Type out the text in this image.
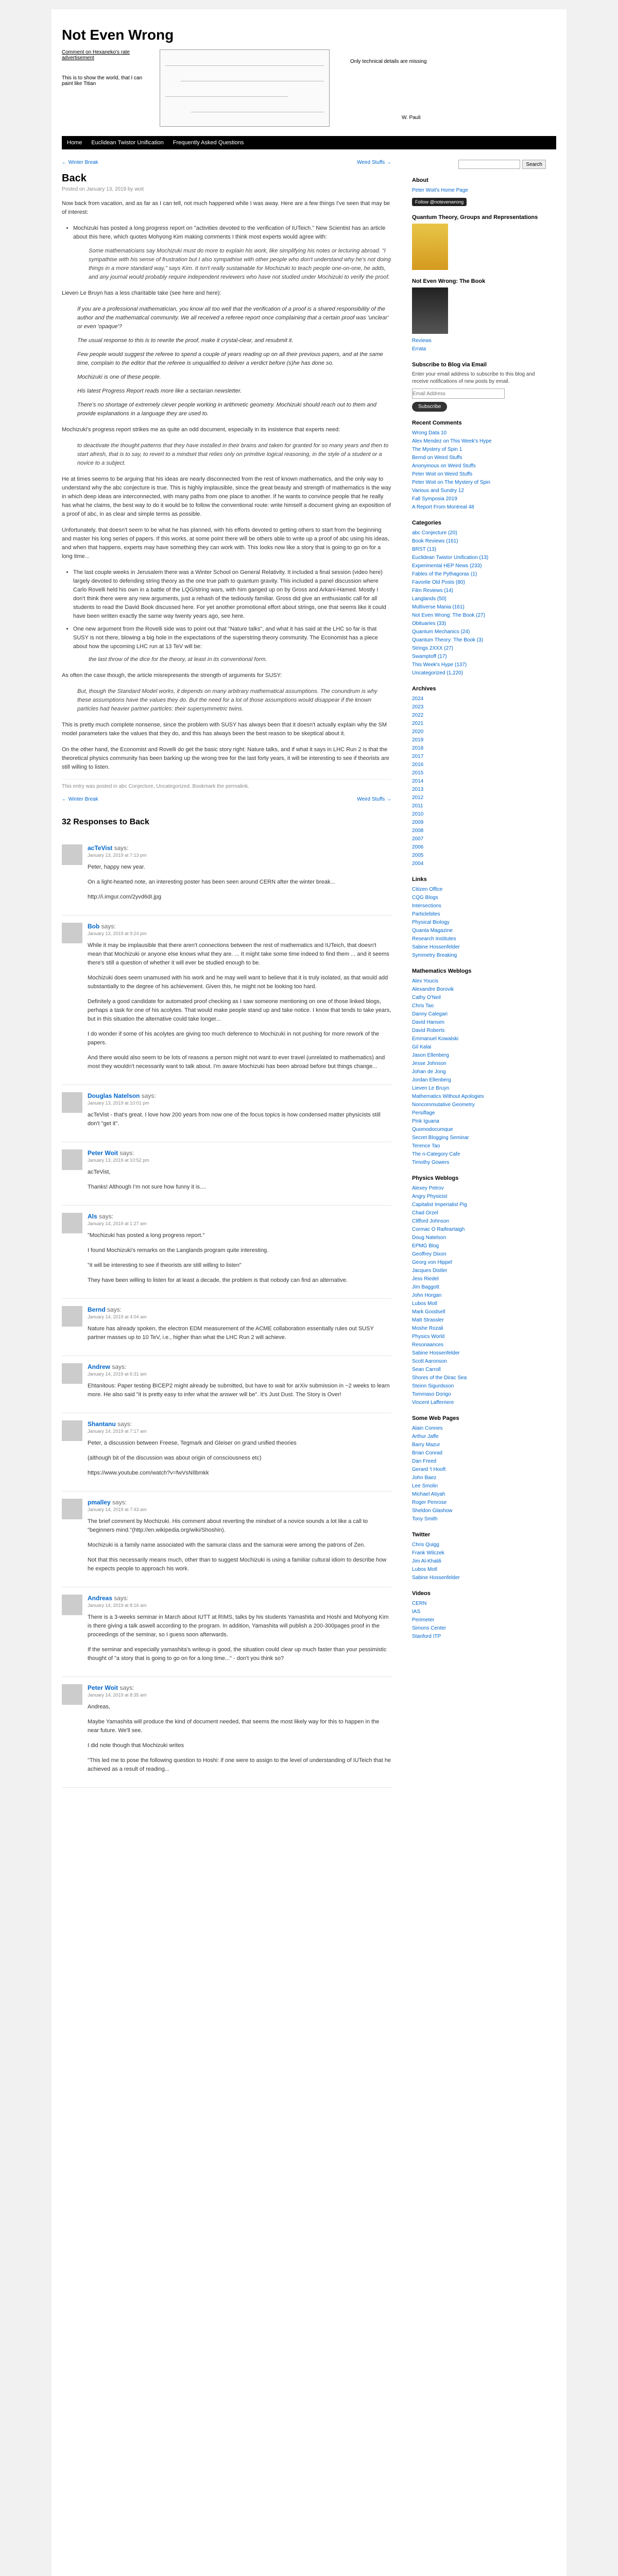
Not Even Wrong
Comment on Hexaneko's rate advertisement

This is to show the world, that I can paint like Titian

Only technical details are missing
W. Pauli
Home Euclidean Twistor Unification Frequently Asked Questions
← Winter Break	Weird Stuffs →
Back
Posted on January 13, 2019 by woit

Now back from vacation, and as far as I can tell, not much happened while I was away. Here are a few things I've seen that may be of interest:

• Mochizuki has posted a long progress report on "activities devoted to the verification of IUTeich." New Scientist has an article about this here, which quotes Mohyong Kim making comments I think most experts would agree with:
Some mathematicians say Mochizuki must do more to explain his work, like simplifying his notes or lecturing abroad. "I sympathise with his sense of frustration but I also sympathise with other people who don't understand why he's not doing things in a more standard way," says Kim. It isn't really sustainable for Mochizuki to teach people one-on-one, he adds, and any journal would probably require independent reviewers who have not studied under Mochizuki to verify the proof.

Lieven Le Bruyn has a less charitable take (see here and here):

If you are a professional mathematician, you know all too well that the verification of a proof is a shared responsibility of the author and the mathematical community. We all received a referee report once complaining that a certain proof was 'unclear' or even 'opaque'?

The usual response to this is to rewrite the proof, make it crystal-clear, and resubmit it.

Few people would suggest the referee to spend a couple of years reading up on all their previous papers, and at the same time, complain to the editor that the referee is unqualified to deliver a verdict before (s)he has done so.

Mochizuki is one of these people.

His latest Progress Report reads more like a sectarian newsletter.

There's no shortage of extremely clever people working in arithmetic geometry. Mochizuki should reach out to them and provide explanations in a language they are used to.

Mochizuki's progress report strikes me as quite an odd document, especially in its insistence that experts need:

to deactivate the thought patterns that they have installed in their brains and taken for granted for so many years and then to start afresh, that is to say, to revert to a mindset that relies only on primitive logical reasoning, in the style of a student or a novice to a subject.

He at times seems to be arguing that his ideas are nearly disconnected from the rest of known mathematics, and the only way to understand why the abc conjecture is true. This is highly implausible, since the great beauty and strength of mathematics is the way in which deep ideas are interconnected, with many paths from one place to another. If he wants to convince people that he really has what he claims, the best way to do it would be to follow the conventional route: write himself a document giving an exposition of a proof of abc, in as clear and simple terms as possible.

Unfortunately, that doesn't seem to be what he has planned, with his efforts devoted to getting others to start from the beginning and master his long series of papers. If this works, at some point there will be others able to write up a proof of abc using his ideas, and when that happens, experts may have something they can work with. This looks now like a story that is going to go on for a long time...

• The last couple weeks in Jerusalem there was a Winter School on General Relativity. It included a final session (video here) largely devoted to defending string theory as the one true path to quantum gravity. This included a panel discussion where Carlo Rovelli held his own in a battle of the LQG/string wars, with him ganged up on by Gross and Arkani-Hamed. Mostly I don't think there were any new arguments, just a rehash of the tediously familiar. Gross did give an enthusiastic call for all students to read the David Book discussed here. For yet another promotional effort about strings, one that seems like it could have been written exactly the same way twenty years ago, see here.
• One new argument from the Rovelli side was to point out that "Nature talks", and what it has said at the LHC so far is that SUSY is not there, blowing a big hole in the expectations of the superstring theory community. The Economist has a piece about how the upcoming LHC run at 13 TeV will be:
the last throw of the dice for the theory, at least in its conventional form.

As often the case though, the article misrepresents the strength of arguments for SUSY:

But, though the Standard Model works, it depends on many arbitrary mathematical assumptions. The conundrum is why these assumptions have the values they do. But the need for a lot of those assumptions would disappear if the known particles had heavier partner particles: their supersymmetric twins.

This is pretty much complete nonsense, since the problem with SUSY has always been that it doesn't actually explain why the SM model parameters take the values that they do, and this has always been the best reason to be skeptical about it.

On the other hand, the Economist and Rovelli do get the basic story right: Nature talks, and if what it says in LHC Run 2 is that the theoretical physics community has been barking up the wrong tree for the last forty years, it will be interesting to see if theorists are still willing to listen.

This entry was posted in abc Conjecture, Uncategorized. Bookmark the permalink.
← Winter Break	Weird Stuffs →
32 Responses to Back
acTeVist says:
January 13, 2019 at 7:13 pm

Peter, happy new year.

On a light-hearted note, an interesting poster has been seen around CERN after the winter break...

http://i.imgur.com/2yvd6dI.jpg

Bob says:
January 13, 2019 at 9:24 pm

While it may be implausible that there aren't connections between the rest of mathematics and IUTeich, that doesn't mean that Mochizuki or anyone else knows what they are. ... It might take some time indeed to find them ... and it seems there's still a question of whether it will ever be studied enough to be.

Mochizuki does seem unamused with his work and he may well want to believe that it is truly isolated, as that would add substantially to the degree of his achievement. Given this, he might not be looking too hard.

Definitely a good candidate for automated proof checking as I saw someone mentioning on one of those linked blogs, perhaps a task for one of his acolytes. That would make people stand up and take notice. I know that tends to take years, but in this situation the alternative could take longer...

I do wonder if some of his acolytes are giving too much deference to Mochizuki in not pushing for more rework of the papers.

And there would also seem to be lots of reasons a person might not want to ever travel (unrelated to mathematics) and most they wouldn't necessarily want to talk about. I'm aware Mochizuki has been abroad before but things change...

Douglas Natelson says:
January 13, 2019 at 10:01 pm

acTeVist - that's great. I love how 200 years from now one of the focus topics is how condensed matter physicists still don't "get it".

Peter Woit says:
January 13, 2019 at 10:52 pm

acTeVist,

Thanks! Although I'm not sure how funny it is....

Als says:
January 14, 2019 at 1:27 am

"Mochizuki has posted a long progress report."

I found Mochizuki's remarks on the Langlands program quite interesting.

"it will be interesting to see if theorists are still willing to listen"

They have been willing to listen for at least a decade, the problem is that nobody can find an alternative.

Bernd says:
January 14, 2019 at 4:04 am

Nature has already spoken, the electron EDM measurement of the ACME collaboration essentially rules out SUSY partner masses up to 10 TeV, i.e., higher than what the LHC Run 2 will achieve.

Andrew says:
January 14, 2019 at 6:31 am

Ehtanitous: Paper testing BICEP2 might already be submitted, but have to wait for arXiv submission in ~2 weeks to learn more. He also said "it is pretty easy to infer what the answer will be". It's Just Dust. The Story is Over!

Shantanu says:
January 14, 2019 at 7:17 am

Peter, a discussion between Freese, Tegmark and Gleiser on grand unified theories

(although bit of the discussion was about origin of consciousness etc)

https://www.youtube.com/watch?v=fwVsNIlbmkk

pmalley says:
January 14, 2019 at 7:43 am

The brief comment by Mochizuki. His comment about reverting the mindset of a novice sounds a lot like a call to "beginners mind."(http://en.wikipedia.org/wiki/Shoshin).

Mochizuki is a family name associated with the samurai class and the samurai were among the patrons of Zen.

Not that this necessarily means much, other than to suggest Mochizuki is using a familiar cultural idiom to describe how he expects people to approach his work.

Andreas says:
January 14, 2019 at 8:16 am

There is a 3-weeks seminar in March about IUTT at RIMS, talks by his students Yamashita and Hoshi and Mohyong Kim is there giving a talk aswell according to the program. In addition, Yamashita will publish a 200-300pages proof in the proceedings of the seminar, so I guess soon afterwards.

If the seminar and especially yamashita's writeup is good, the situation could clear up much faster than your pessimistic thought of "a story that is going to go on for a long time..." - don't you think so?

Peter Woit says:
January 14, 2019 at 8:35 am

Andreas,

Maybe Yamashita will produce the kind of document needed, that seems the most likely way for this to happen in the near future. We'll see.

I did note though that Mochizuki writes

"This led me to pose the following question to Hoshi: if one were to assign to the level of understanding of IUTeich that he achieved as a result of reading...

Search
About
Peter Woit's Home Page
Follow @notevenwrong
Quantum Theory, Groups and Representations
Not Even Wrong: The Book
Reviews
Errata
Subscribe to Blog via Email

Enter your email address to subscribe to this blog and receive notifications of new posts by email.

Email Address
Subscribe
Recent Comments
Wrong Data 10
Alex Mendez on This Week's Hype
The Mystery of Spin 1
Bernd on Weird Stuffs
Anonymous on Weird Stuffs
Peter Woit on Weird Stuffs
Peter Woit on The Mystery of Spin
Various and Sundry 12
Fall Symposia 2019
A Report From Montreal 48
Categories
abc Conjecture (20)
Book Reviews (161)
BRST (13)
Euclidean Twistor Unification (13)
Experimental HEP News (233)
Fables of the Pythagoras (1)
Favorite Old Posts (80)
Film Reviews (14)
Langlands (50)
Multiverse Mania (161)
Not Even Wrong: The Book (27)
Obituaries (33)
Quantum Mechanics (24)
Quantum Theory: The Book (3)
Strings 2XXX (27)
Swamptoff (17)
This Week's Hype (137)
Uncategorized (1,220)
Archives
2024
2023
2022
2021
2020
2019
2018
2017
2016
2015
2014
2013
2012
2011
2010
2009
2008
2007
2006
2005
2004
Links
Citizen Office
CQG Blogs
Intersections
Particlebites
Physical Biology
Quanta Magazine
Research Institutes
Sabine Hossenfelder
Symmetry Breaking
Mathematics Weblogs
Alex Youcis
Alexandre Borovik
Cathy O'Neil
Chris Tao
Danny Calegari
David Hansen
David Roberts
Emmanuel Kowalski
Gil Kalai
Jason Ellenberg
Jesse Johnson
Johan de Jong
Jordan Ellenberg
Lieven Le Bruyn
Mathematics Without Apologies
Noncommutative Geometry
Persiflage
Pink Iguana
Quomodocumque
Secret Blogging Seminar
Terence Tao
The n-Category Cafe
Timothy Gowers
Physics Weblogs
Alexey Petrov
Angry Physicist
Capitalist Imperialist Pig
Chad Orzel
Clifford Johnson
Cormac O Raifeartaigh
Doug Natelson
EPMG Blog
Geoffrey Dixon
Georg von Hippel
Jacques Distler
Jess Riedel
Jim Baggott
John Horgan
Lubos Motl
Mark Goodsell
Matt Strassler
Moshe Rozali
Physics World
Resonaances
Sabine Hossenfelder
Scott Aaronson
Sean Carroll
Shores of the Dirac Sea
Steinn Sigurdsson
Tommaso Dorigo
Vincent Lafferriere
Some Web Pages
Alain Connes
Arthur Jaffe
Barry Mazur
Brian Conrad
Dan Freed
Gerard 't Hooft
John Baez
Lee Smolin
Michael Atiyah
Roger Penrose
Sheldon Glashow
Tony Smith
Twitter
Chris Quigg
Frank Wilczek
Jim Al-Khalili
Lubos Motl
Sabine Hossenfelder
Videos
CERN
IAS
Perimeter
Simons Center
Stanford ITP
